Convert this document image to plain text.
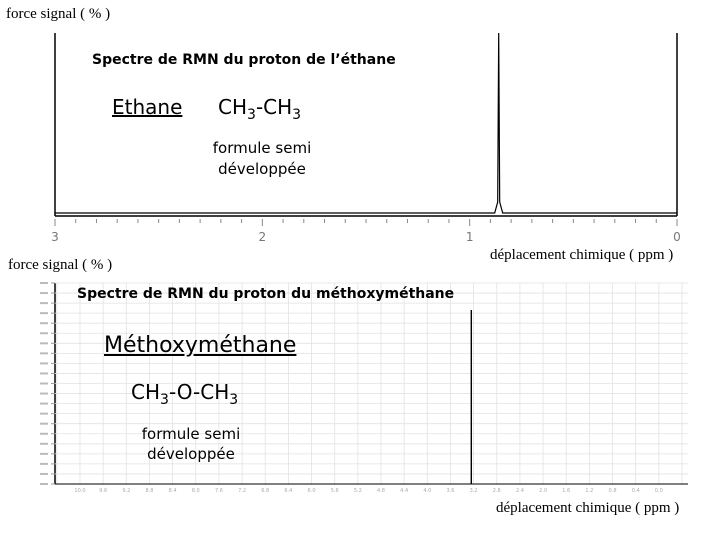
3	2	1	0
10.0	9.6	9.2	8.8	8.4	8.0	7.6	7.2	6.8	6.4	6.0	5.6	5.2	4.8	4.4	4.0	3.6	3.2	2.8	2.4	2.0	1.6	1.2	0.8	0.4	0.0
force signal ( % )
déplacement chimique ( ppm )
Spectre de RMN du proton de l’éthane
Ethane $CH_3-CH_3$
formule semi développée
force signal ( % )
déplacement chimique ( ppm )
Spectre de RMN du proton du méthoxyméthane
Méthoxyméthane
$CH_3-O-CH_3$
formule semi développée
